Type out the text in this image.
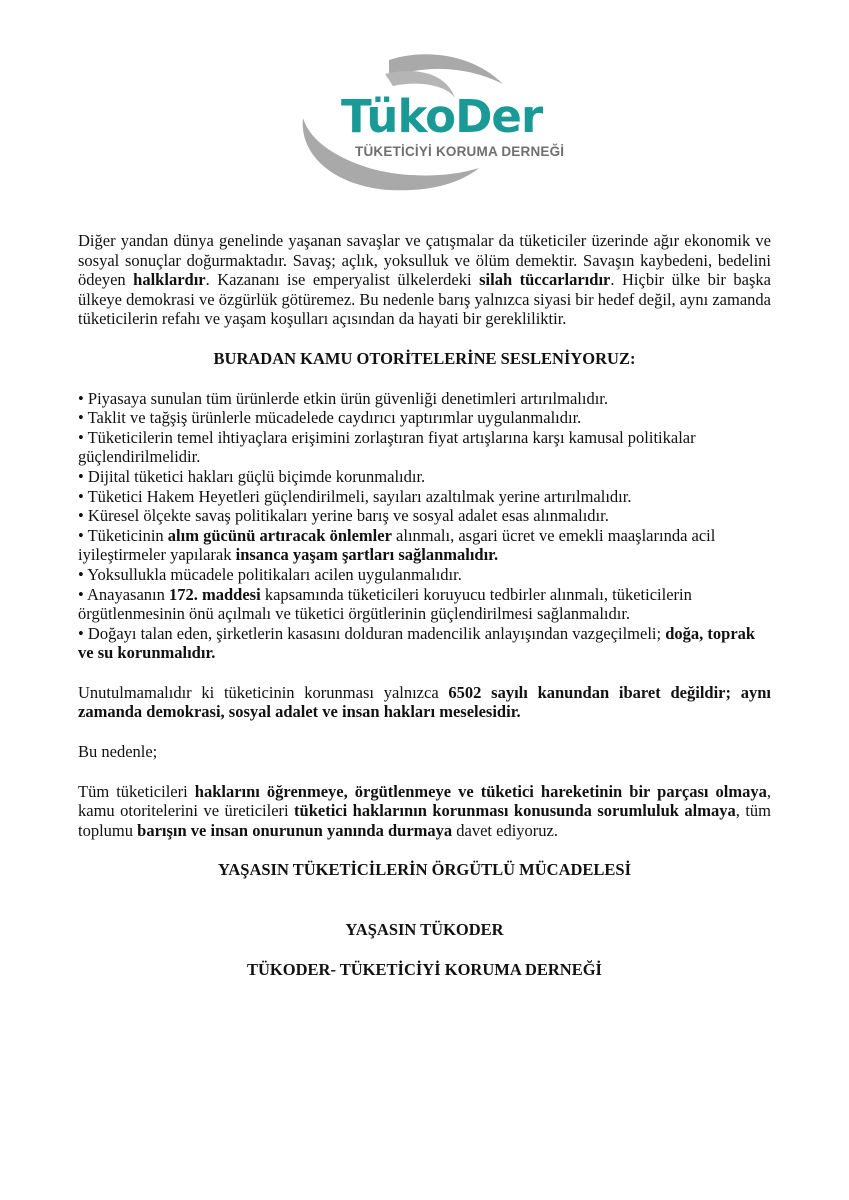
TükoDer
TÜKETİCİYİ KORUMA DERNEĞİ

Diğer yandan dünya genelinde yaşanan savaşlar ve çatışmalar da tüketiciler üzerinde ağır ekonomik ve sosyal sonuçlar doğurmaktadır. Savaş; açlık, yoksulluk ve ölüm demektir. Savaşın kaybedeni, bedelini ödeyen halklardır. Kazananı ise emperyalist ülkelerdeki silah tüccarlarıdır. Hiçbir ülke bir başka ülkeye demokrasi ve özgürlük götüremez. Bu nedenle barış yalnızca siyasi bir hedef değil, aynı zamanda tüketicilerin refahı ve yaşam koşulları açısından da hayati bir gerekliliktir.

BURADAN KAMU OTORİTELERİNE SESLENİYORUZ:

• Piyasaya sunulan tüm ürünlerde etkin ürün güvenliği denetimleri artırılmalıdır.
• Taklit ve tağşiş ürünlerle mücadelede caydırıcı yaptırımlar uygulanmalıdır.
• Tüketicilerin temel ihtiyaçlara erişimini zorlaştıran fiyat artışlarına karşı kamusal politikalar güçlendirilmelidir.
• Dijital tüketici hakları güçlü biçimde korunmalıdır.
• Tüketici Hakem Heyetleri güçlendirilmeli, sayıları azaltılmak yerine artırılmalıdır.
• Küresel ölçekte savaş politikaları yerine barış ve sosyal adalet esas alınmalıdır.
• Tüketicinin alım gücünü artıracak önlemler alınmalı, asgari ücret ve emekli maaşlarında acil iyileştirmeler yapılarak insanca yaşam şartları sağlanmalıdır.
• Yoksullukla mücadele politikaları acilen uygulanmalıdır.
• Anayasanın 172. maddesi kapsamında tüketicileri koruyucu tedbirler alınmalı, tüketicilerin örgütlenmesinin önü açılmalı ve tüketici örgütlerinin güçlendirilmesi sağlanmalıdır.
• Doğayı talan eden, şirketlerin kasasını dolduran madencilik anlayışından vazgeçilmeli; doğa, toprak ve su korunmalıdır.

Unutulmamalıdır ki tüketicinin korunması yalnızca 6502 sayılı kanundan ibaret değildir; aynı zamanda demokrasi, sosyal adalet ve insan hakları meselesidir.

Bu nedenle;

Tüm tüketicileri haklarını öğrenmeye, örgütlenmeye ve tüketici hareketinin bir parçası olmaya, kamu otoritelerini ve üreticileri tüketici haklarının korunması konusunda sorumluluk almaya, tüm toplumu barışın ve insan onurunun yanında durmaya davet ediyoruz.

YAŞASIN TÜKETİCİLERİN ÖRGÜTLÜ MÜCADELESİ

YAŞASIN TÜKODER

TÜKODER- TÜKETİCİYİ KORUMA DERNEĞİ
